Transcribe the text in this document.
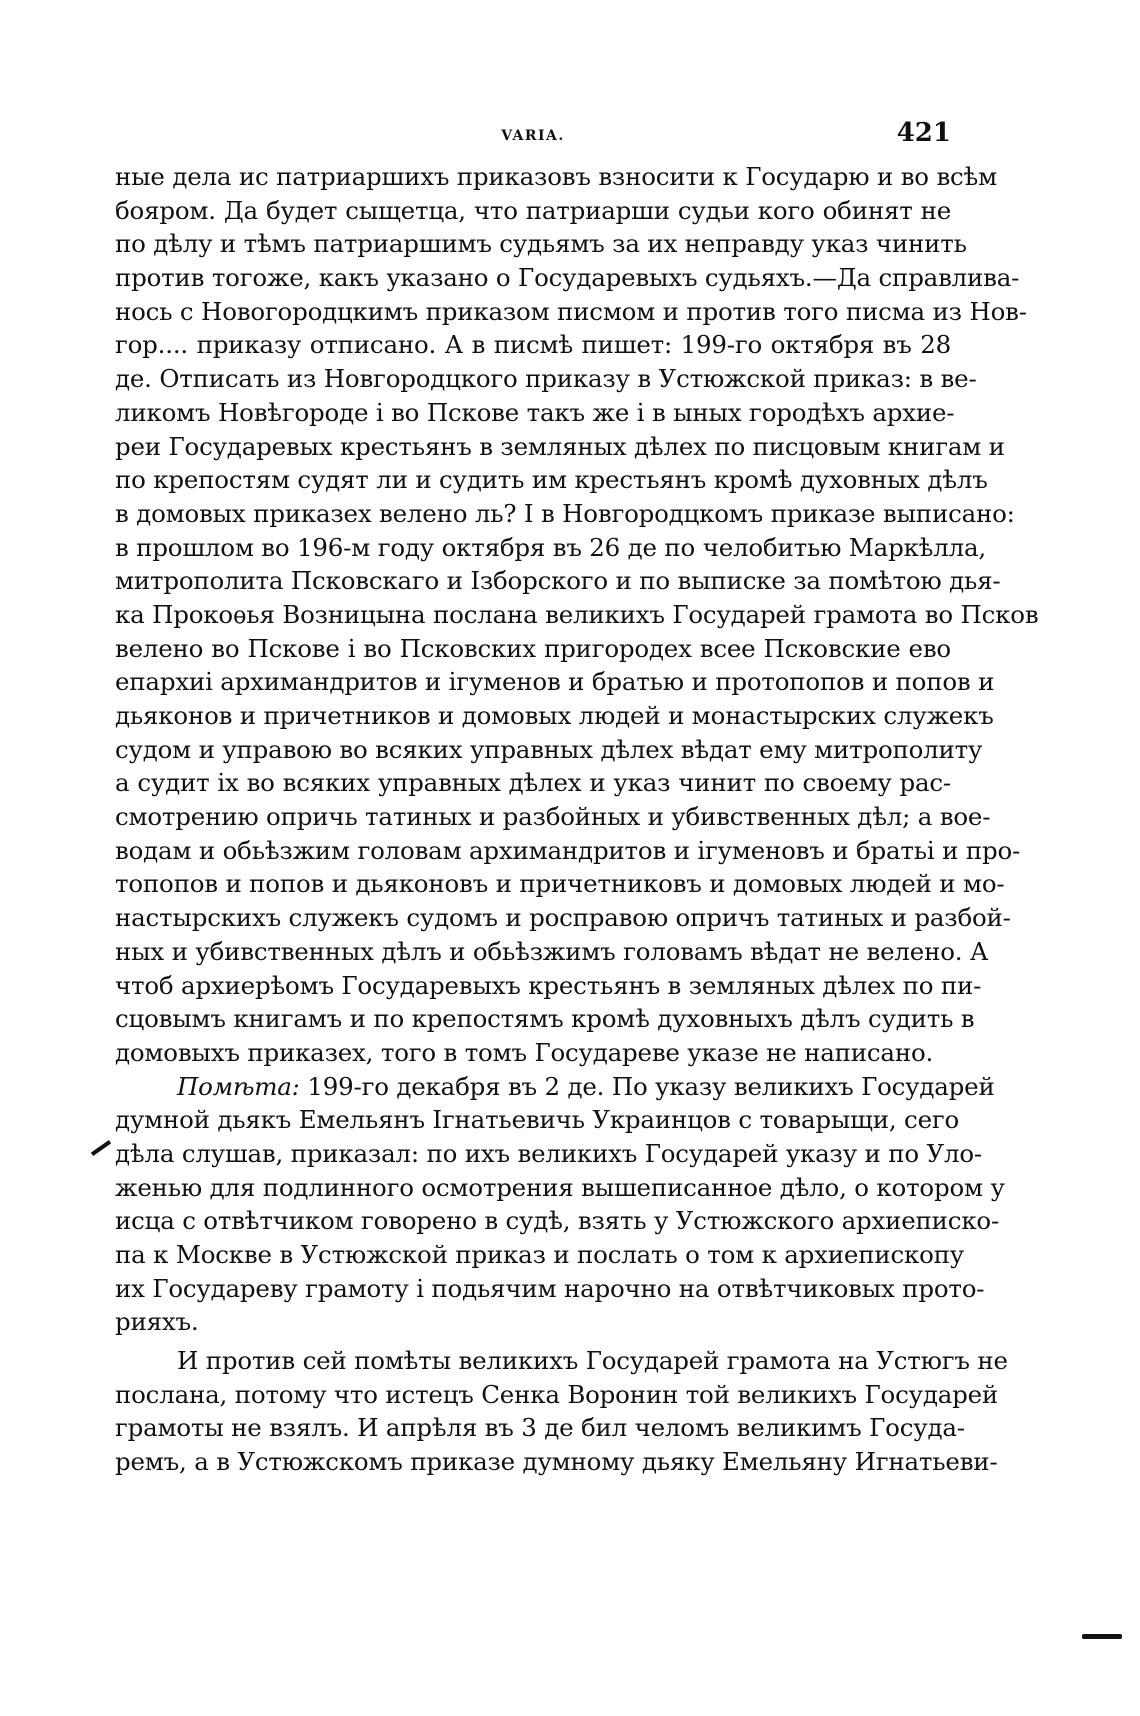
VARIA.	421
ные дела ис патриаршихъ приказовъ взносити к Государю и во всѣм
бояром. Да будет сыщетца, что патриарши судьи кого обинят не
по дѣлу и тѣмъ патриаршимъ судьямъ за их неправду указ чинить
против тогоже, какъ указано о Государевыхъ судьяхъ.—Да справлива-
нось с Новогородцкимъ приказом писмом и против того писма из Нов-
гор.... приказу отписано. А в писмѣ пишет: 199-го октября въ 28
де. Отписать из Новгородцкого приказу в Устюжской приказ: в ве-
ликомъ Новѣгороде і во Пскове такъ же і в ыных городѣхъ архие-
реи Государевых крестьянъ в земляных дѣлех по писцовым книгам и
по крепостям судят ли и судить им крестьянъ кромѣ духовных дѣлъ
в домовых приказех велено ль? І в Новгородцкомъ приказе выписано:
в прошлом во 196-м году октября въ 26 де по челобитью Маркѣлла,
митрополита Псковскаго и Ізборского и по выписке за помѣтою дья-
ка Прокоѳья Возницына послана великихъ Государей грамота во Псков
велено во Пскове і во Псковских пригородех всее Псковские ево
епархиі архимандритов и ігуменов и братью и протопопов и попов и
дьяконов и причетников и домовых людей и монастырских служекъ
судом и управою во всяких управных дѣлех вѣдат ему митрополиту
а судит іх во всяких управных дѣлех и указ чинит по своему рас-
смотрению опричь татиных и разбойных и убивственных дѣл; а вое-
водам и обьѣзжим головам архимандритов и ігуменовъ и братьі и про-
топопов и попов и дьяконовъ и причетниковъ и домовых людей и мо-
настырскихъ служекъ судомъ и росправою опричъ татиных и разбой-
ных и убивственных дѣлъ и обьѣзжимъ головамъ вѣдат не велено. А
чтоб архиерѣомъ Государевыхъ крестьянъ в земляных дѣлех по пи-
сцовымъ книгамъ и по крепостямъ кромѣ духовныхъ дѣлъ судить в
домовыхъ приказех, того в томъ Государеве указе не написано.
Помѣта: 199-го декабря въ 2 де. По указу великихъ Государей
думной дьякъ Емельянъ Ігнатьевичь Украинцов с товарыщи, сего
дѣла слушав, приказал: по ихъ великихъ Государей указу и по Уло-
женью для подлинного осмотрения вышеписанное дѣло, о котором у
исца с отвѣтчиком говорено в судѣ, взять у Устюжского архиеписко-
па к Москве в Устюжской приказ и послать о том к архиепископу
их Государеву грамоту і подьячим нарочно на отвѣтчиковых прото-
рияхъ.
И против сей помѣты великихъ Государей грамота на Устюгъ не
послана, потому что истецъ Сенка Воронин той великихъ Государей
грамоты не взялъ. И апрѣля въ 3 де бил челомъ великимъ Госуда-
ремъ, а в Устюжскомъ приказе думному дьяку Емельяну Игнатьеви-
